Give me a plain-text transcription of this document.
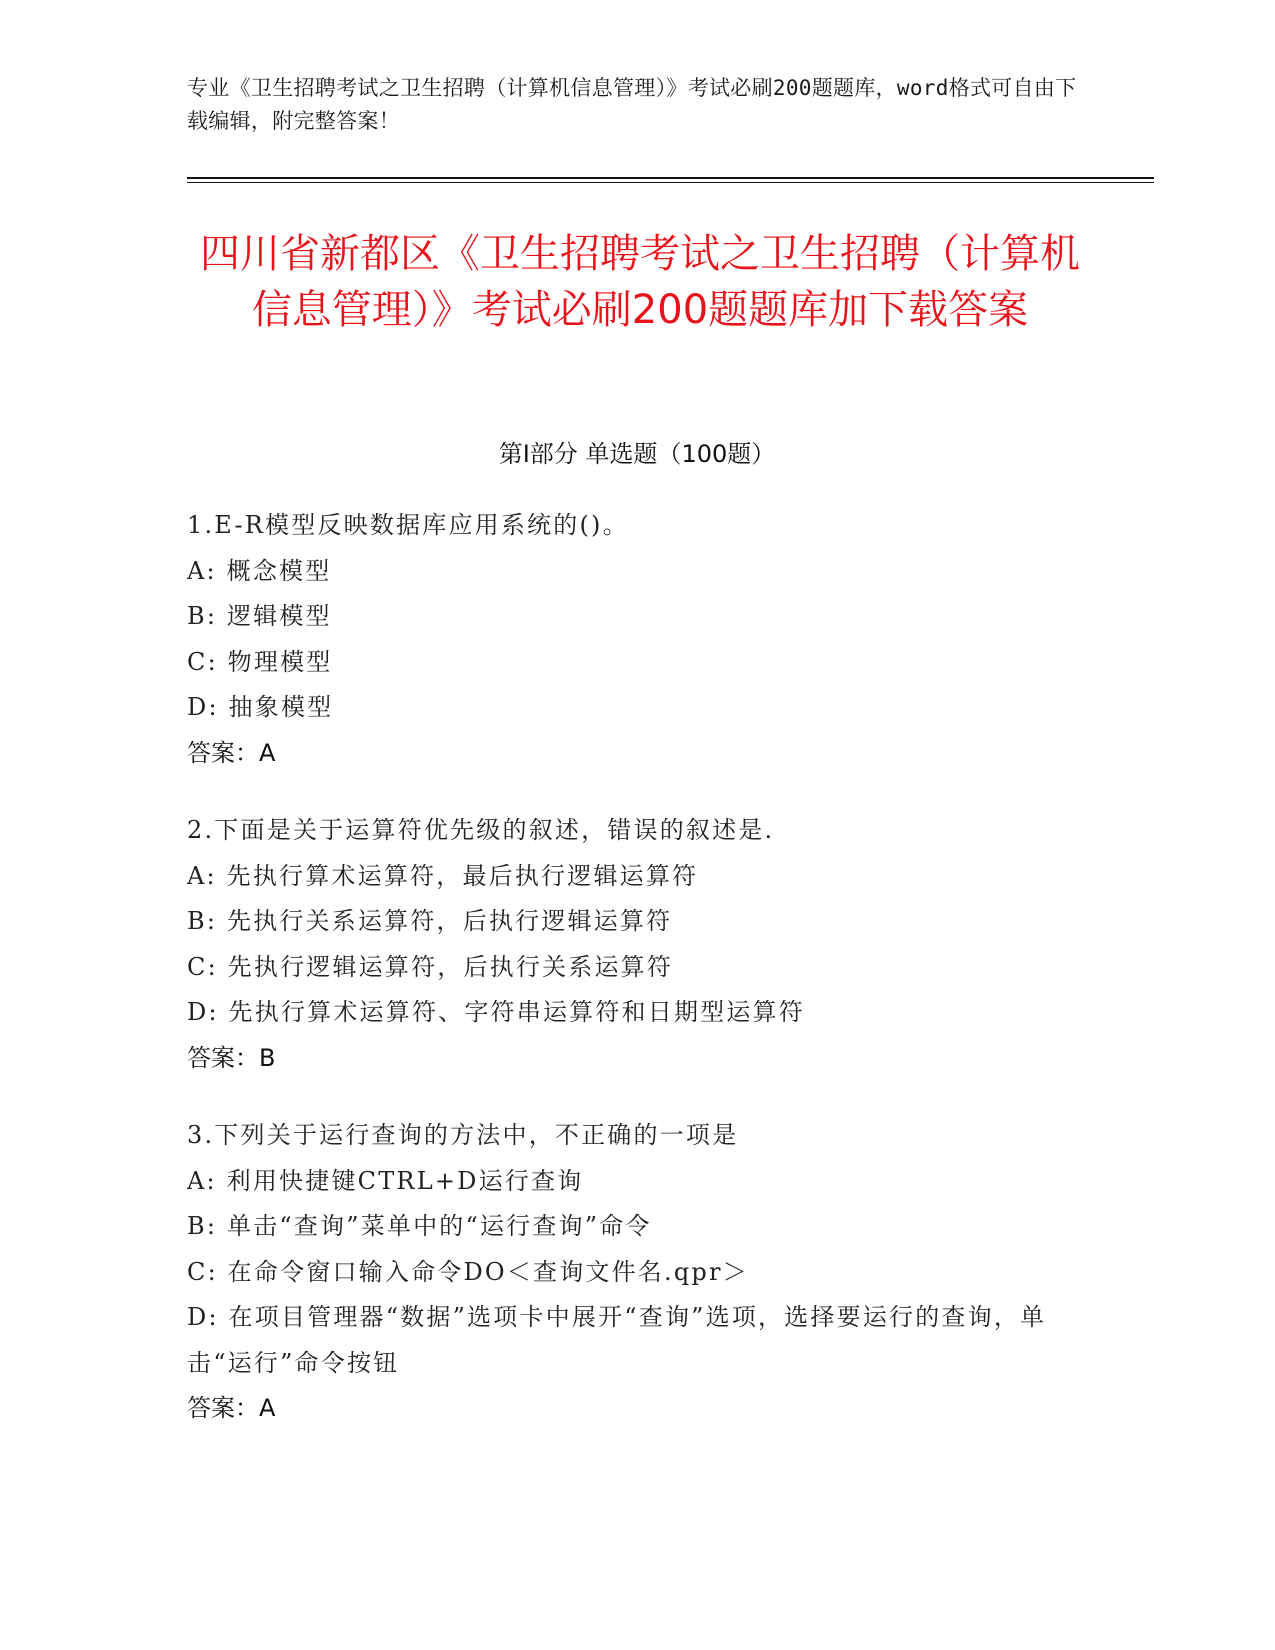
专业《卫生招聘考试之卫生招聘（计算机信息管理）》考试必刷200题题库，word格式可自由下载编辑，附完整答案！
四川省新都区《卫生招聘考试之卫生招聘（计算机信息管理）》考试必刷200题题库加下载答案
第Ⅰ部分 单选题（100题）
1.E-R模型反映数据库应用系统的()。
A: 概念模型
B: 逻辑模型
C: 物理模型
D: 抽象模型
答案：A
2.下面是关于运算符优先级的叙述，错误的叙述是.
A: 先执行算术运算符，最后执行逻辑运算符
B: 先执行关系运算符，后执行逻辑运算符
C: 先执行逻辑运算符，后执行关系运算符
D: 先执行算术运算符、字符串运算符和日期型运算符
答案：B
3.下列关于运行查询的方法中，不正确的一项是
A: 利用快捷键CTRL+D运行查询
B: 单击“查询”菜单中的“运行查询”命令
C: 在命令窗口输入命令DO＜查询文件名.qpr＞
D: 在项目管理器“数据”选项卡中展开“查询”选项，选择要运行的查询，单击“运行”命令按钮
答案：A
